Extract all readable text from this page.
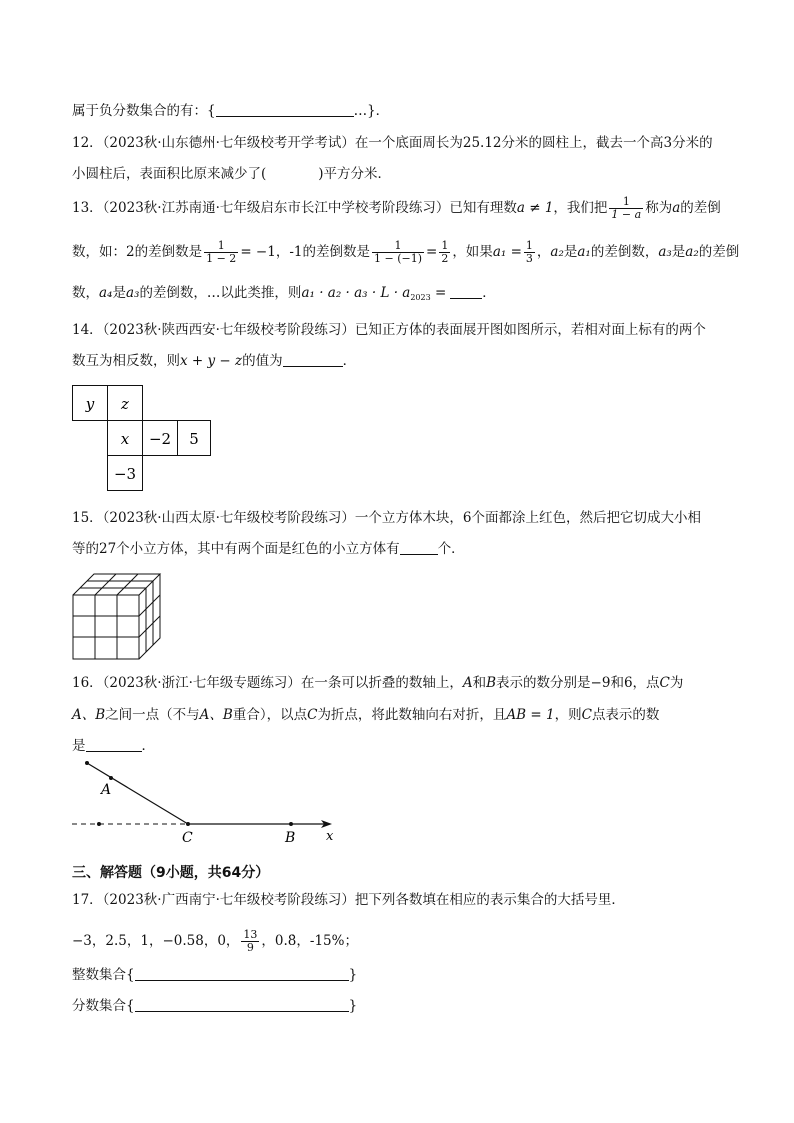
属于负分数集合的有：{	…}．
12．（2023秋·山东德州·七年级校考开学考试）在一个底面周长为25.12分米的圆柱上，截去一个高3分米的
小圆柱后，表面积比原来减少了(	)平方分米．
13．（2023秋·江苏南通·七年级启东市长江中学校考阶段练习）已知有理数a ≠ 1，我们把 $\frac{1}{1 - a}$ 称为a的差倒
数，如：2的差倒数是 $\frac{1}{1 - 2} = -1$，-1的差倒数是 $\frac{1}{1 - (-1)} = \frac{1}{2}$ ，如果$a_1 = \frac{1}{3}$ ，a₂是a₁的差倒数，a₃是a₂的差倒
数，a₄是a₃的差倒数，…以此类推，则$a_1 \cdot a_2 \cdot a_3 \cdot L \cdot a_{2023}$ =	．
14．（2023秋·陕西西安·七年级校考阶段练习）已知正方体的表面展开图如图所示，若相对面上标有的两个
数互为相反数，则x + y − z的值为	．
y z
x −2 5
−3
15．（2023秋·山西太原·七年级校考阶段练习）一个立方体木块，6个面都涂上红色，然后把它切成大小相
等的27个小立方体，其中有两个面是红色的小立方体有	个．
16．（2023秋·浙江·七年级专题练习）在一条可以折叠的数轴上，A和B表示的数分别是−9和6，点C为
A、B之间一点（不与A、B重合），以点C为折点，将此数轴向右对折，且AB = 1，则C点表示的数
是	．
A
C	B x
三、解答题（9小题，共64分）
17．（2023秋·广西南宁·七年级校考阶段练习）把下列各数填在相应的表示集合的大括号里．
−3，2.5，1，−0.58，0， $\frac{13}{9}$ ，0.8̇，-15%；
整数集合{	}
分数集合{	}
